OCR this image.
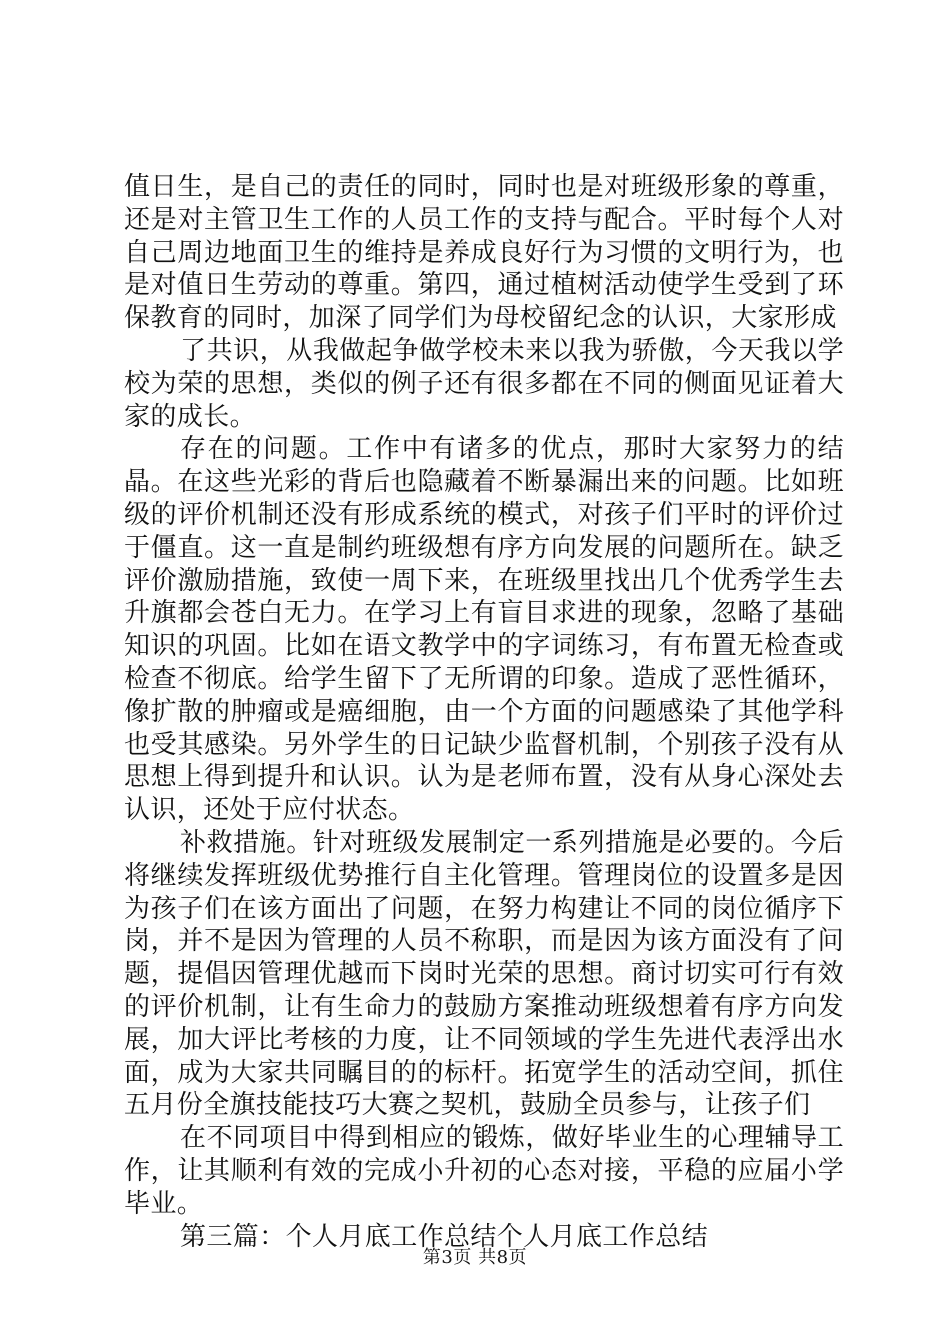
值日生，是自己的责任的同时，同时也是对班级形象的尊重，还是对主管卫生工作的人员工作的支持与配合。平时每个人对自己周边地面卫生的维持是养成良好行为习惯的文明行为，也是对值日生劳动的尊重。第四，通过植树活动使学生受到了环保教育的同时，加深了同学们为母校留纪念的认识，大家形成

了共识，从我做起争做学校未来以我为骄傲，今天我以学校为荣的思想，类似的例子还有很多都在不同的侧面见证着大家的成长。

存在的问题。工作中有诸多的优点，那时大家努力的结晶。在这些光彩的背后也隐藏着不断暴漏出来的问题。比如班级的评价机制还没有形成系统的模式，对孩子们平时的评价过于僵直。这一直是制约班级想有序方向发展的问题所在。缺乏评价激励措施，致使一周下来，在班级里找出几个优秀学生去升旗都会苍白无力。在学习上有盲目求进的现象，忽略了基础知识的巩固。比如在语文教学中的字词练习，有布置无检查或检查不彻底。给学生留下了无所谓的印象。造成了恶性循环，像扩散的肿瘤或是癌细胞，由一个方面的问题感染了其他学科也受其感染。另外学生的日记缺少监督机制，个别孩子没有从思想上得到提升和认识。认为是老师布置，没有从身心深处去认识，还处于应付状态。

补救措施。针对班级发展制定一系列措施是必要的。今后将继续发挥班级优势推行自主化管理。管理岗位的设置多是因为孩子们在该方面出了问题，在努力构建让不同的岗位循序下岗，并不是因为管理的人员不称职，而是因为该方面没有了问题，提倡因管理优越而下岗时光荣的思想。商讨切实可行有效的评价机制，让有生命力的鼓励方案推动班级想着有序方向发展，加大评比考核的力度，让不同领域的学生先进代表浮出水面，成为大家共同瞩目的的标杆。拓宽学生的活动空间，抓住五月份全旗技能技巧大赛之契机，鼓励全员参与，让孩子们

在不同项目中得到相应的锻炼，做好毕业生的心理辅导工作，让其顺利有效的完成小升初的心态对接，平稳的应届小学毕业。

第三篇：个人月底工作总结个人月底工作总结

第3页 共8页
